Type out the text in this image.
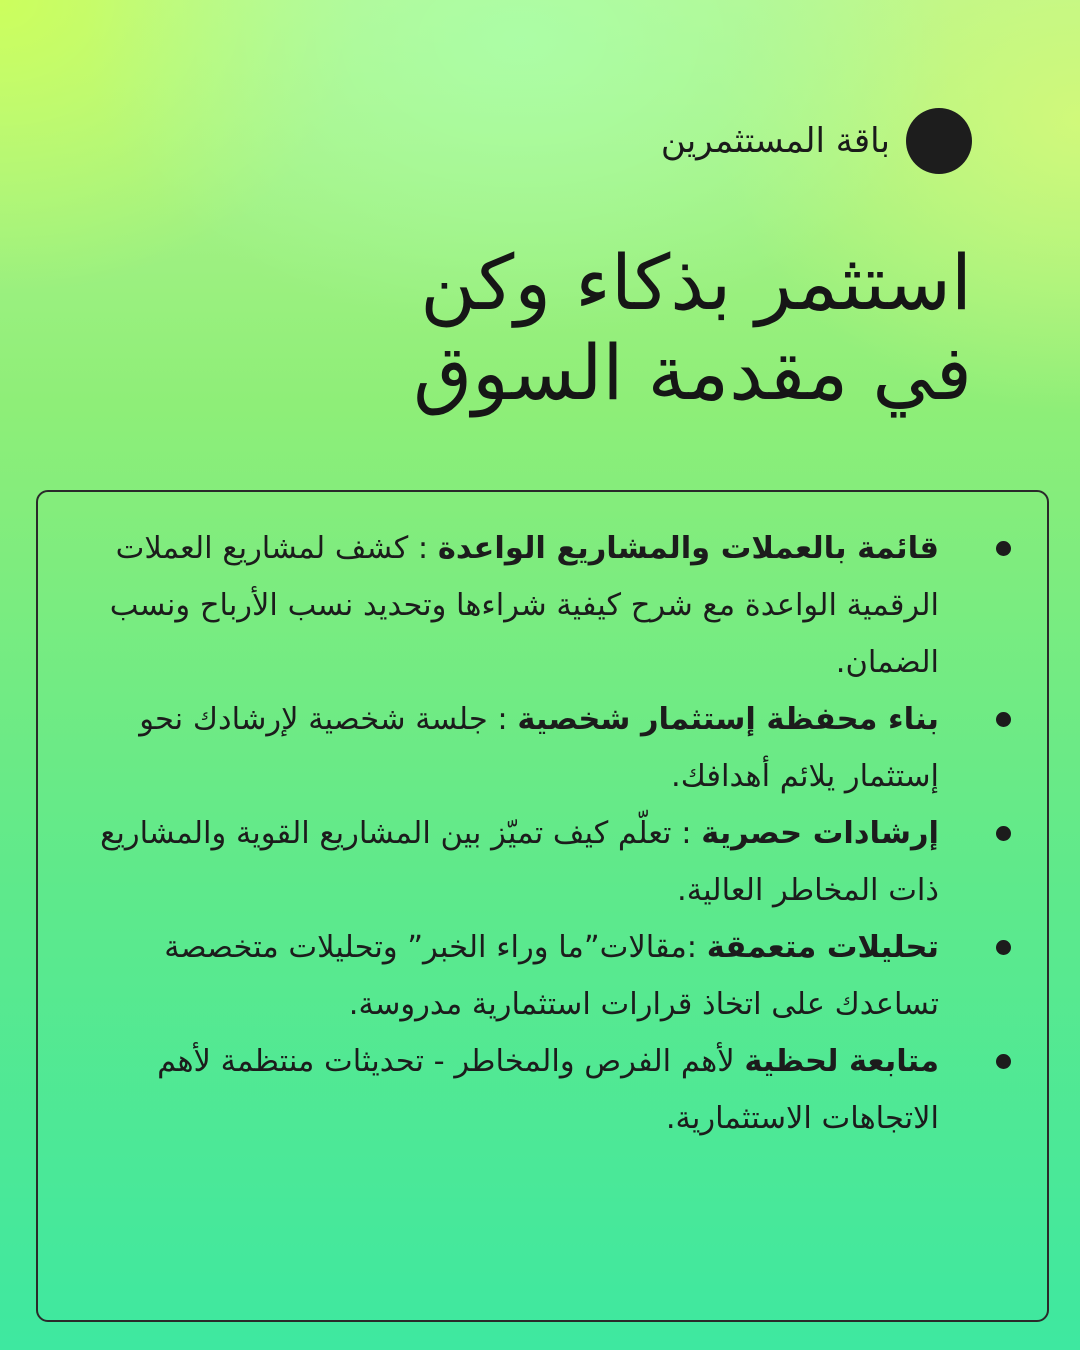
باقة المستثمرين
استثمر بذكاء وكن
في مقدمة السوق
قائمة بالعملات والمشاريع الواعدة : كشف لمشاريع العملات الرقمية الواعدة مع شرح كيفية شراءها وتحديد نسب الأرباح ونسب الضمان.
بناء محفظة إستثمار شخصية : جلسة شخصية لإرشادك نحو إستثمار يلائم أهدافك.
إرشادات حصرية : تعلّم كيف تميّز بين المشاريع القوية والمشاريع ذات المخاطر العالية.
تحليلات متعمقة :مقالات”ما وراء الخبر” وتحليلات متخصصة تساعدك على اتخاذ قرارات استثمارية مدروسة.
متابعة لحظية لأهم الفرص والمخاطر - تحديثات منتظمة لأهم الاتجاهات الاستثمارية.
